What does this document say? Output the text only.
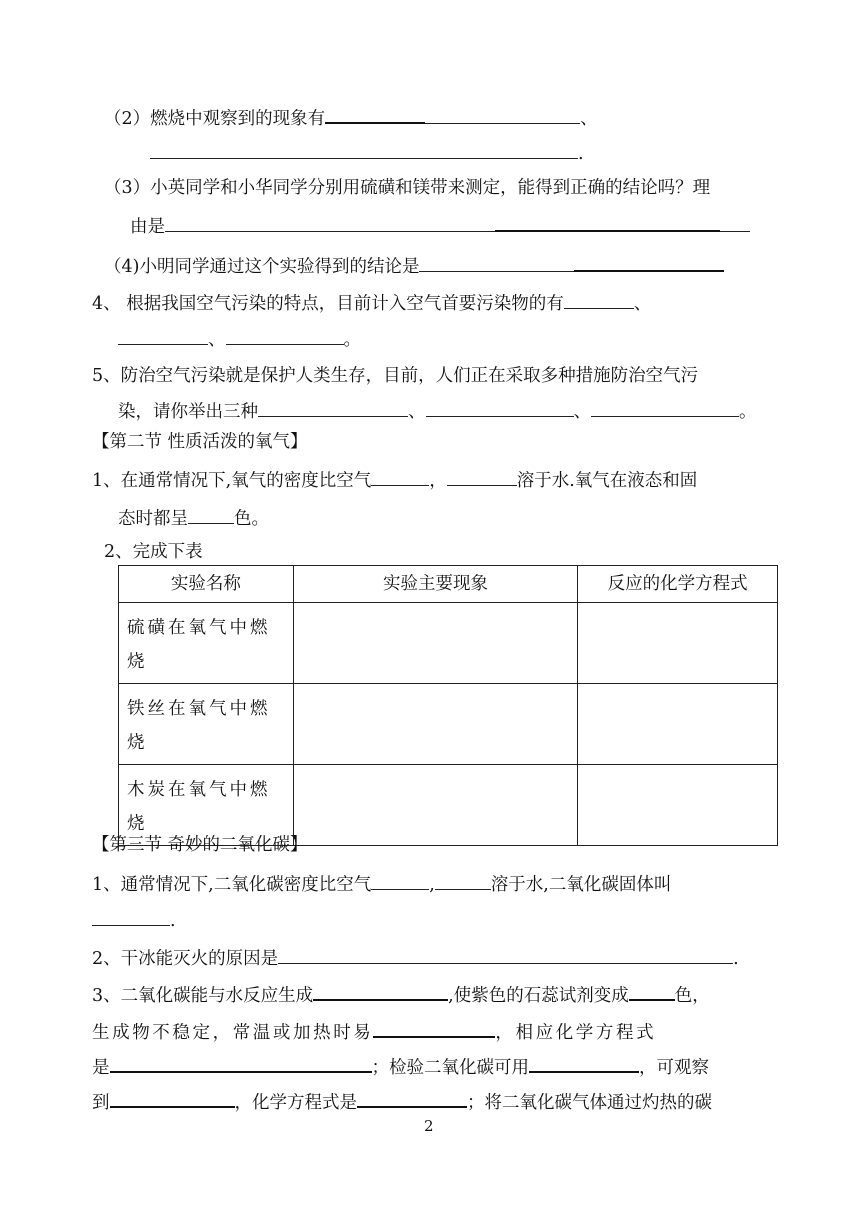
（2）燃烧中观察到的现象有	、
.
（3）小英同学和小华同学分别用硫磺和镁带来测定，能得到正确的结论吗？理
由是
（4)小明同学通过这个实验得到的结论是
4、 根据我国空气污染的特点，目前计入空气首要污染物的有	、
、	。
5、防治空气污染就是保护人类生存，目前，人们正在采取多种措施防治空气污
染，请你举出三种	、	、	。
【第二节 性质活泼的氧气】
1、在通常情况下,氧气的密度比空气	，	溶于水.氧气在液态和固
态时都呈	色。
2、完成下表
实验名称	实验主要现象	反应的化学方程式
硫磺在氧气中燃烧		
铁丝在氧气中燃烧		
木炭在氧气中燃烧		
【第三节 奇妙的二氧化碳】
1、通常情况下,二氧化碳密度比空气	,	溶于水,二氧化碳固体叫
.
2、干冰能灭火的原因是	.
3、二氧化碳能与水反应生成	,使紫色的石蕊试剂变成	色，
生成物不稳定，常温或加热时易	，相应化学方程式
是	；检验二氧化碳可用	，可观察
到	，化学方程式是	；将二氧化碳气体通过灼热的碳
2
